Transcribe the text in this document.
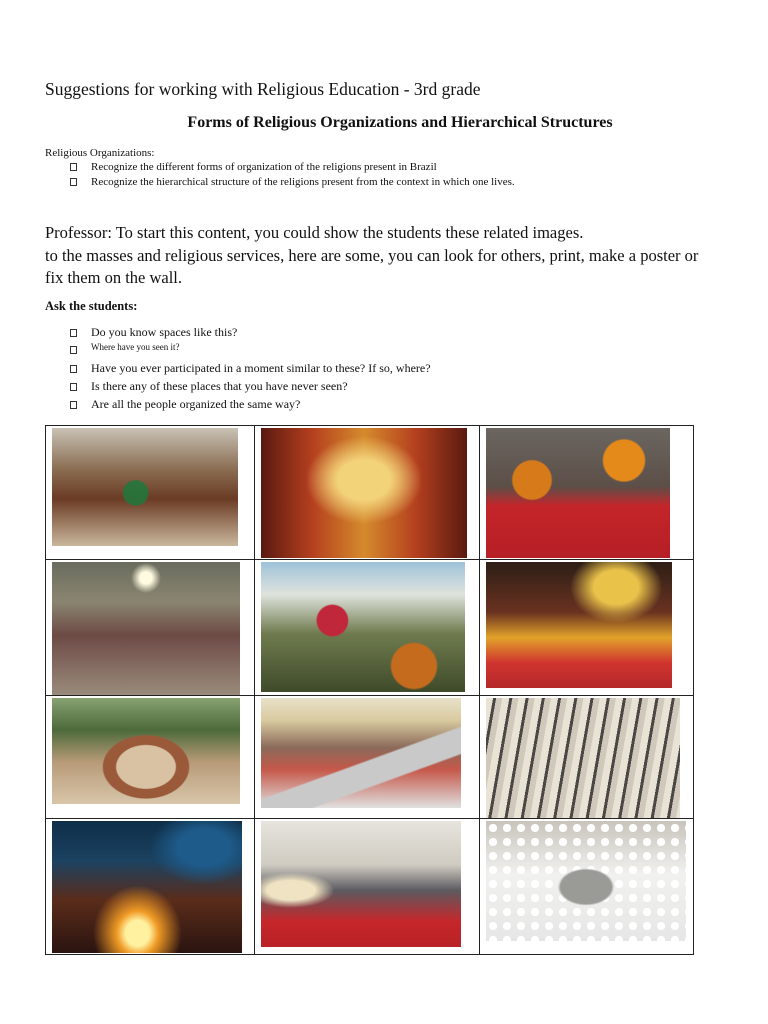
Suggestions for working with Religious Education - 3rd grade
Forms of Religious Organizations and Hierarchical Structures
Religious Organizations:
Recognize the different forms of organization of the religions present in Brazil
Recognize the hierarchical structure of the religions present from the context in which one lives.

Professor: To start this content, you could show the students these related images.

to the masses and religious services, here are some, you can look for others, print, make a poster or fix them on the wall.

Ask the students:
Do you know spaces like this?
Where have you seen it?
Have you ever participated in a moment similar to these? If so, where?
Is there any of these places that you have never seen?
Are all the people organized the same way?
